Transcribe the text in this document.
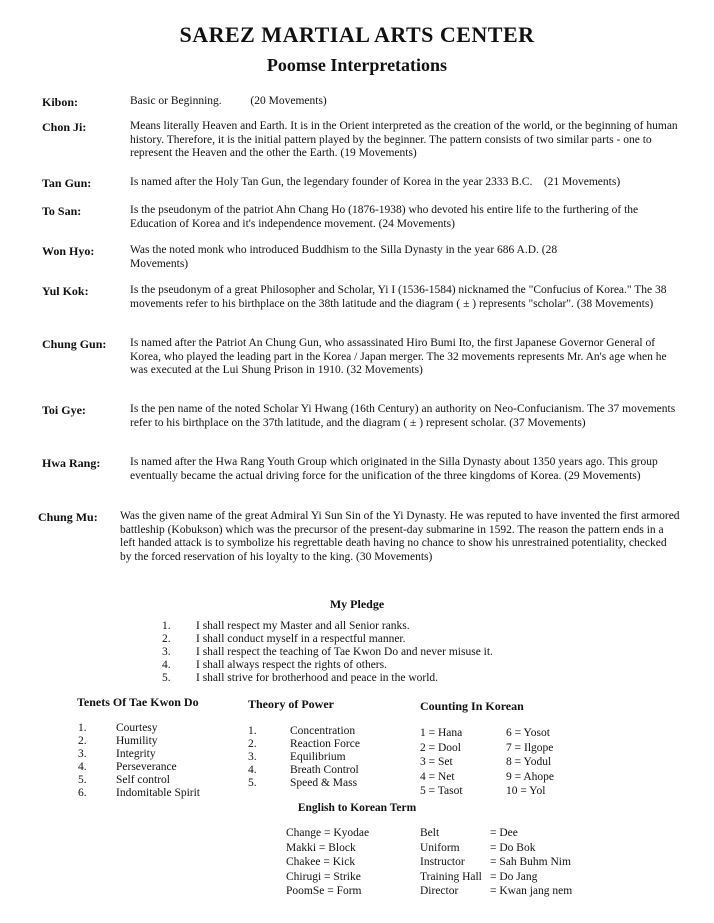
SAREZ MARTIAL ARTS CENTER
Poomse Interpretations
Kibon:	Basic or Beginning.          (20 Movements)
Chon Ji:	Means literally Heaven and Earth. It is in the Orient interpreted as the creation of the world, or the beginning of human history. Therefore, it is the initial pattern played by the beginner. The pattern consists of two similar parts - one to represent the Heaven and the other the Earth. (19 Movements)
Tan Gun:	Is named after the Holy Tan Gun, the legendary founder of Korea in the year 2333 B.C.    (21 Movements)
To San:	Is the pseudonym of the patriot Ahn Chang Ho (1876-1938) who devoted his entire life to the furthering of the Education of Korea and it's independence movement. (24 Movements)
Won Hyo:	Was the noted monk who introduced Buddhism to the Silla Dynasty in the year 686 A.D. (28 Movements)
Yul Kok:	Is the pseudonym of a great Philosopher and Scholar, Yi I (1536-1584) nicknamed the "Confucius of Korea." The 38 movements refer to his birthplace on the 38th latitude and the diagram ( ± ) represents "scholar". (38 Movements)
Chung Gun: Is named after the Patriot An Chung Gun, who assassinated Hiro Bumi Ito, the first Japanese Governor General of Korea, who played the leading part in the Korea / Japan merger. The 32 movements represents Mr. An's age when he was executed at the Lui Shung Prison in 1910. (32 Movements)
Toi Gye:	Is the pen name of the noted Scholar Yi Hwang (16th Century) an authority on Neo-Confucianism. The 37 movements refer to his birthplace on the 37th latitude, and the diagram ( ± ) represent scholar. (37 Movements)
Hwa Rang:	Is named after the Hwa Rang Youth Group which originated in the Silla Dynasty about 1350 years ago. This group eventually became the actual driving force for the unification of the three kingdoms of Korea. (29 Movements)
Chung Mu: Was the given name of the great Admiral Yi Sun Sin of the Yi Dynasty. He was reputed to have invented the first armored battleship (Kobukson) which was the precursor of the present-day submarine in 1592. The reason the pattern ends in a left handed attack is to symbolize his regrettable death having no chance to show his unrestrained potentiality, checked by the forced reservation of his loyalty to the king. (30 Movements)
My Pledge
1.	I shall respect my Master and all Senior ranks.
2.	I shall conduct myself in a respectful manner.
3.	I shall respect the teaching of Tae Kwon Do and never misuse it.
4.	I shall always respect the rights of others.
5.	I shall strive for brotherhood and peace in the world.
Tenets Of Tae Kwon Do
1.	Courtesy
2.	Humility
3.	Integrity
4.	Perseverance
5.	Self control
6.	Indomitable Spirit
Theory of Power
1.	Concentration
2.	Reaction Force
3.	Equilibrium
4.	Breath Control
5.	Speed & Mass
Counting In Korean
1 = Hana
2 = Dool
3 = Set
4 = Net
5 = Tasot
6 = Yosot
7 = Ilgope
8 = Yodul
9 = Ahope
10 = Yol
English to Korean Term
Change = Kyodae
Makki = Block
Chakee = Kick
Chirugi = Strike
PoomSe = Form
Belt	= Dee
Uniform	= Do Bok
Instructor	= Sah Buhm Nim
Training Hall = Do Jang
Director	= Kwan jang nem
